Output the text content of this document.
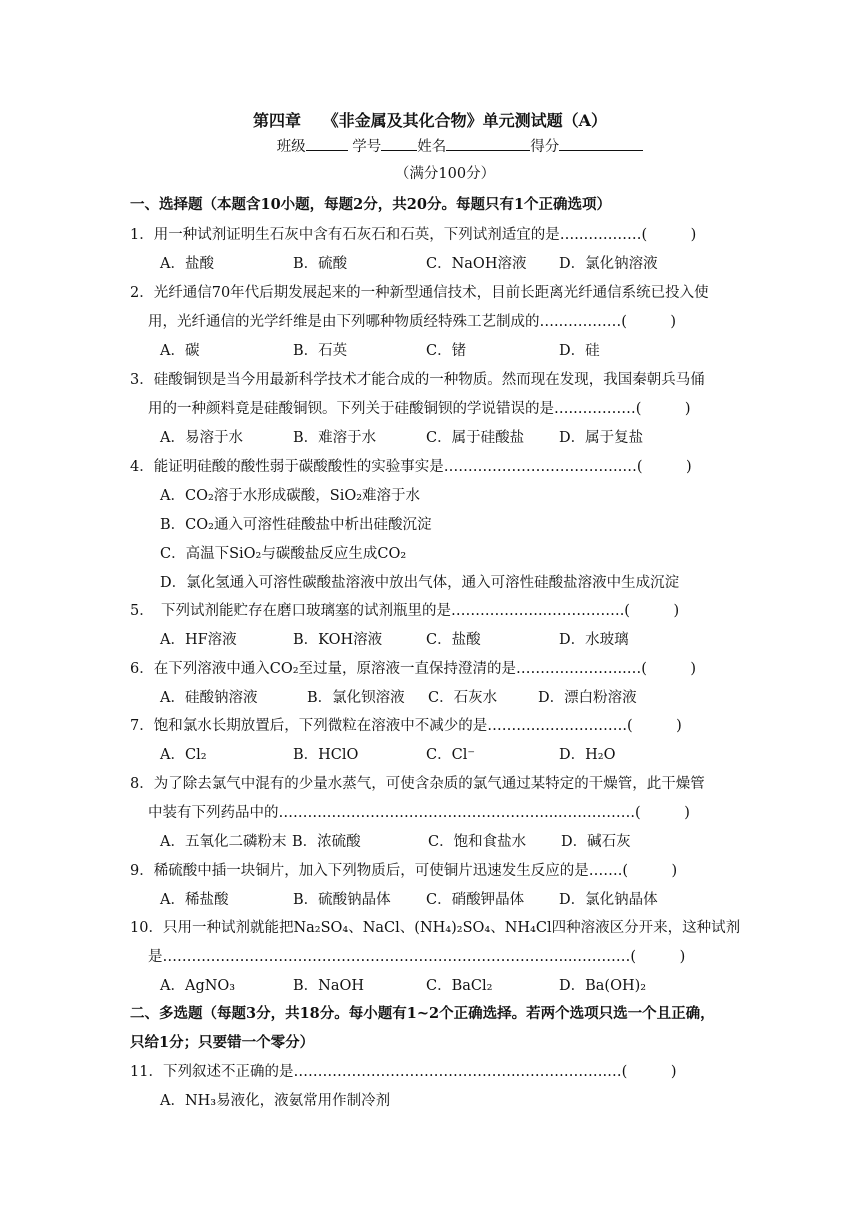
第四章　 《非金属及其化合物》单元测试题（A）
班级	学号 姓名	得分
（满分100分）
一、选择题（本题含10小题，每题2分，共20分。每题只有1个正确选项）
1．用一种试剂证明生石灰中含有石灰石和石英，下列试剂适宜的是…..…………(　　　)
A．盐酸	B．硫酸	C．NaOH溶液 D．氯化钠溶液
2．光纤通信70年代后期发展起来的一种新型通信技术，目前长距离光纤通信系统已投入使
用，光纤通信的光学纤维是由下列哪种物质经特殊工艺制成的…..…………(　　　)
A．碳	B．石英	C．锗	D．硅
3．硅酸铜钡是当今用最新科学技术才能合成的一种物质。然而现在发现，我国秦朝兵马俑
用的一种颜料竟是硅酸铜钡。下列关于硅酸铜钡的学说错误的是…..…………(　　　)
A．易溶于水	B．难溶于水	C．属于硅酸盐 D．属于复盐
4．能证明硅酸的酸性弱于碳酸酸性的实验事实是……………………………….…(　　　)
A．CO₂溶于水形成碳酸，SiO₂难溶于水
B．CO₂通入可溶性硅酸盐中析出硅酸沉淀
C．高温下SiO₂与碳酸盐反应生成CO₂
D．氯化氢通入可溶性碳酸盐溶液中放出气体，通入可溶性硅酸盐溶液中生成沉淀
5．　下列试剂能贮存在磨口玻璃塞的试剂瓶里的是………………..…………….(　　　)
A．HF溶液	B．KOH溶液	C．盐酸	D．水玻璃
6．在下列溶液中通入CO₂至过量，原溶液一直保持澄清的是…………………..…(　　　)
A．硅酸钠溶液	B．氯化钡溶液 C．石灰水	D．漂白粉溶液
7．饱和氯水长期放置后，下列微粒在溶液中不减少的是……….……………….(　　　)
A．Cl₂	B．HClO	C．Cl⁻	D．H₂O
8．为了除去氯气中混有的少量水蒸气，可使含杂质的氯气通过某特定的干燥管，此干燥管
中装有下列药品中的……….………………………………………...…………….(　　　)
A．五氧化二磷粉末 B．浓硫酸	C．饱和食盐水 D．碱石灰
9．稀硫酸中插一块铜片，加入下列物质后，可使铜片迅速发生反应的是…….(　　　)
A．稀盐酸	B．硫酸钠晶体 C．硝酸钾晶体 D．氯化钠晶体
10．只用一种试剂就能把Na₂SO₄、NaCl、(NH₄)₂SO₄、NH₄Cl四种溶液区分开来，这种试剂
是……….………………………………………………………………...…………(　　　)
A．AgNO₃	B．NaOH	C．BaCl₂	D．Ba(OH)₂
二、多选题（每题3分，共18分。每小题有1~2个正确选择。若两个选项只选一个且正确，
只给1分；只要错一个零分）
11．下列叙述不正确的是……………………………………….……………….…(　　　)
A．NH₃易液化，液氨常用作制冷剂
